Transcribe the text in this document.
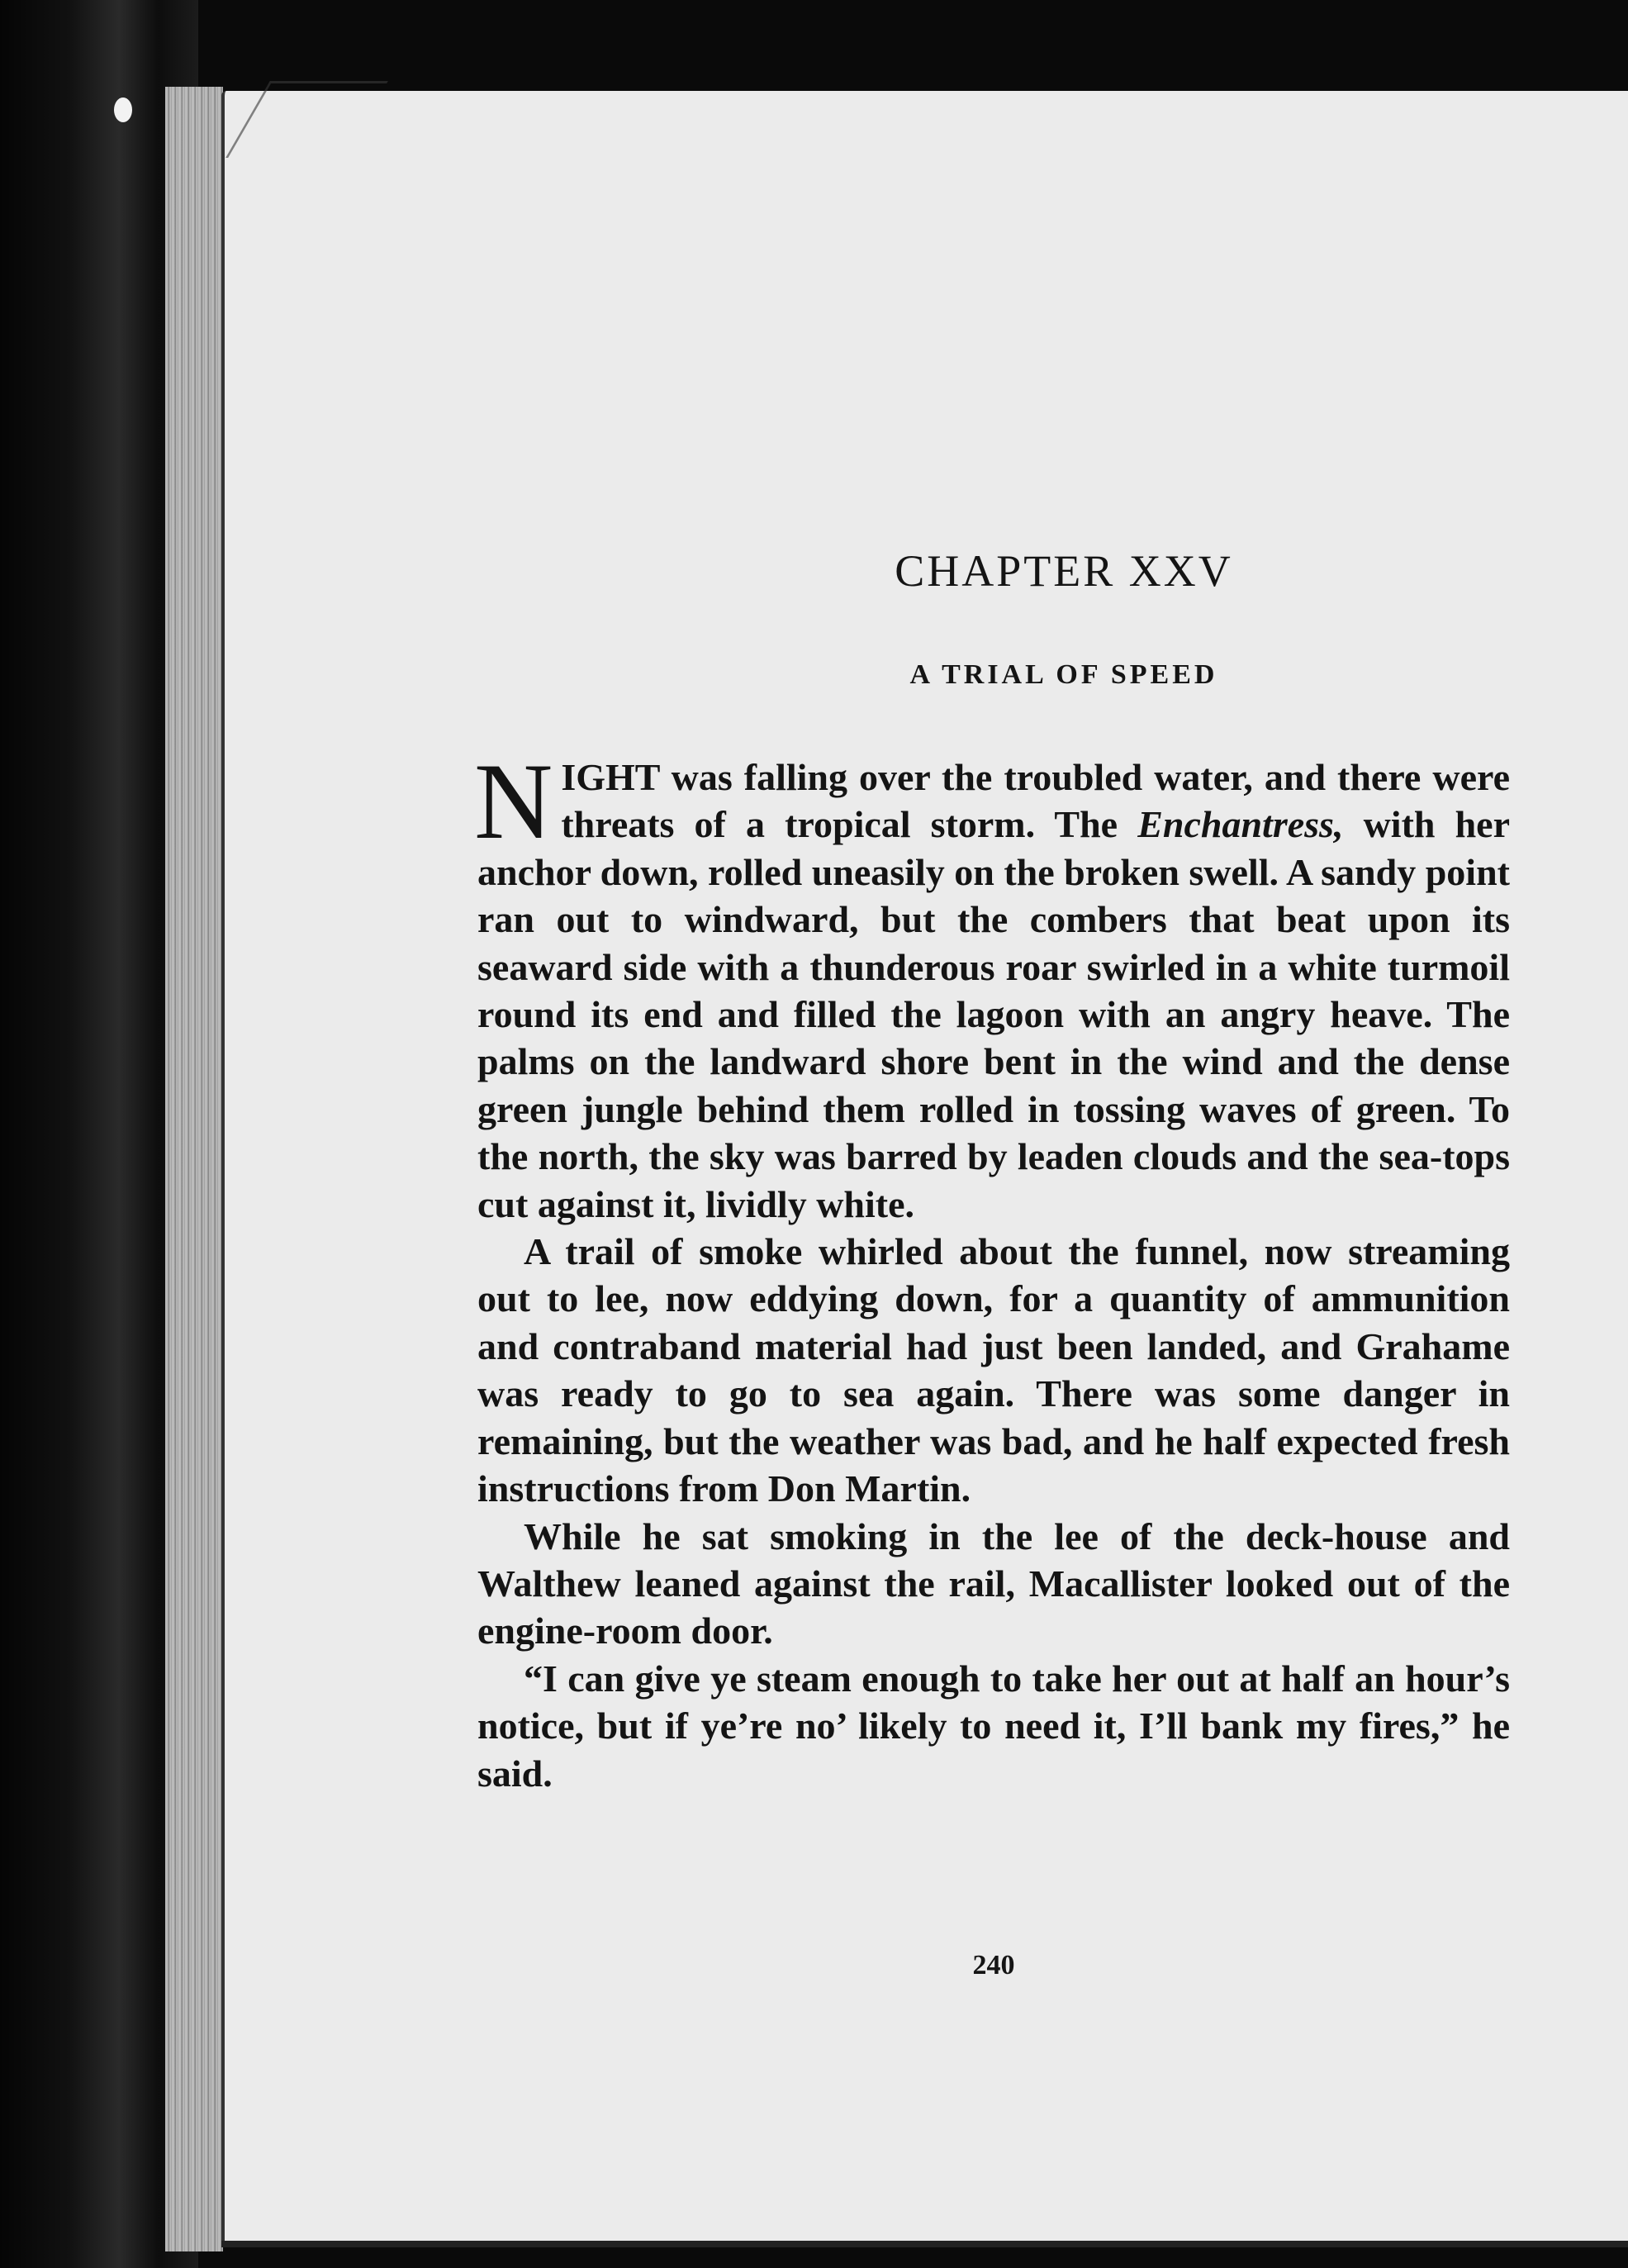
CHAPTER XXV
A TRIAL OF SPEED

NIGHT was falling over the troubled water, and there were threats of a tropical storm. The Enchantress, with her anchor down, rolled uneasily on the broken swell. A sandy point ran out to windward, but the combers that beat upon its seaward side with a thunderous roar swirled in a white turmoil round its end and filled the lagoon with an angry heave. The palms on the landward shore bent in the wind and the dense green jungle behind them rolled in tossing waves of green. To the north, the sky was barred by leaden clouds and the sea-tops cut against it, lividly white.

A trail of smoke whirled about the funnel, now streaming out to lee, now eddying down, for a quantity of ammunition and contraband material had just been landed, and Grahame was ready to go to sea again. There was some danger in remaining, but the weather was bad, and he half expected fresh instructions from Don Martin.

While he sat smoking in the lee of the deck-house and Walthew leaned against the rail, Macallister looked out of the engine-room door.

“I can give ye steam enough to take her out at half an hour’s notice, but if ye’re no’ likely to need it, I’ll bank my fires,” he said.

240
